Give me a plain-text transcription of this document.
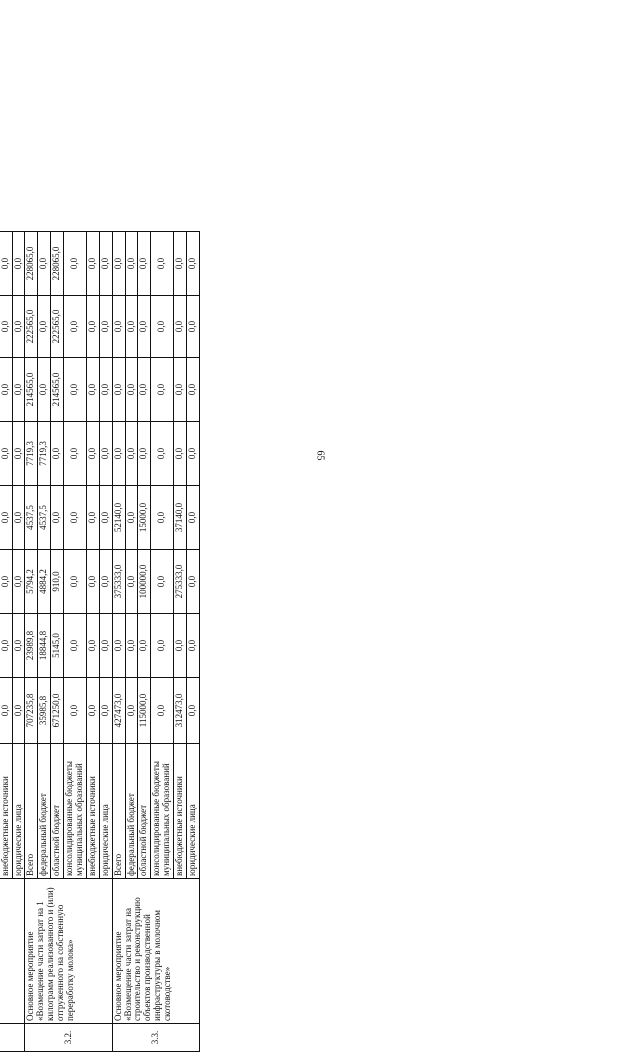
65

		внебюджетные источники	0,0	0,0	0,0	0,0	0,0	0,0	0,0	0,0
		юридические лица	0,0	0,0	0,0	0,0	0,0	0,0	0,0	0,0
3.2.	Основное мероприятие «Возмещение части затрат на 1 килограмм реализованного и (или) отгруженного на собственную переработку молока»	Всего	707235,8	23989,8	5794,2	4537,5	7719,3	214565,0	222565,0	228065,0
		федеральный бюджет	35985,8	18844,8	4884,2	4537,5	7719,3	0,0	0,0	0,0
		областной бюджет	671250,0	5145,0	910,0	0,0	0,0	214565,0	222565,0	228065,0
		консолидированные бюджеты муниципальных образований	0,0	0,0	0,0	0,0	0,0	0,0	0,0	0,0
		внебюджетные источники	0,0	0,0	0,0	0,0	0,0	0,0	0,0	0,0
		юридические лица	0,0	0,0	0,0	0,0	0,0	0,0	0,0	0,0
3.3.	Основное мероприятие «Возмещение части затрат на строительство и реконструкцию объектов производственной инфраструктуры в молочном скотоводстве»	Всего	427473,0	0,0	375333,0	52140,0	0,0	0,0	0,0	0,0
		федеральный бюджет	0,0	0,0	0,0	0,0	0,0	0,0	0,0	0,0
		областной бюджет	115000,0	0,0	100000,0	15000,0	0,0	0,0	0,0	0,0
		консолидированные бюджеты муниципальных образований	0,0	0,0	0,0	0,0	0,0	0,0	0,0	0,0
		внебюджетные источники	312473,0	0,0	275333,0	37140,0	0,0	0,0	0,0	0,0
		юридические лица	0,0	0,0	0,0	0,0	0,0	0,0	0,0	0,0
